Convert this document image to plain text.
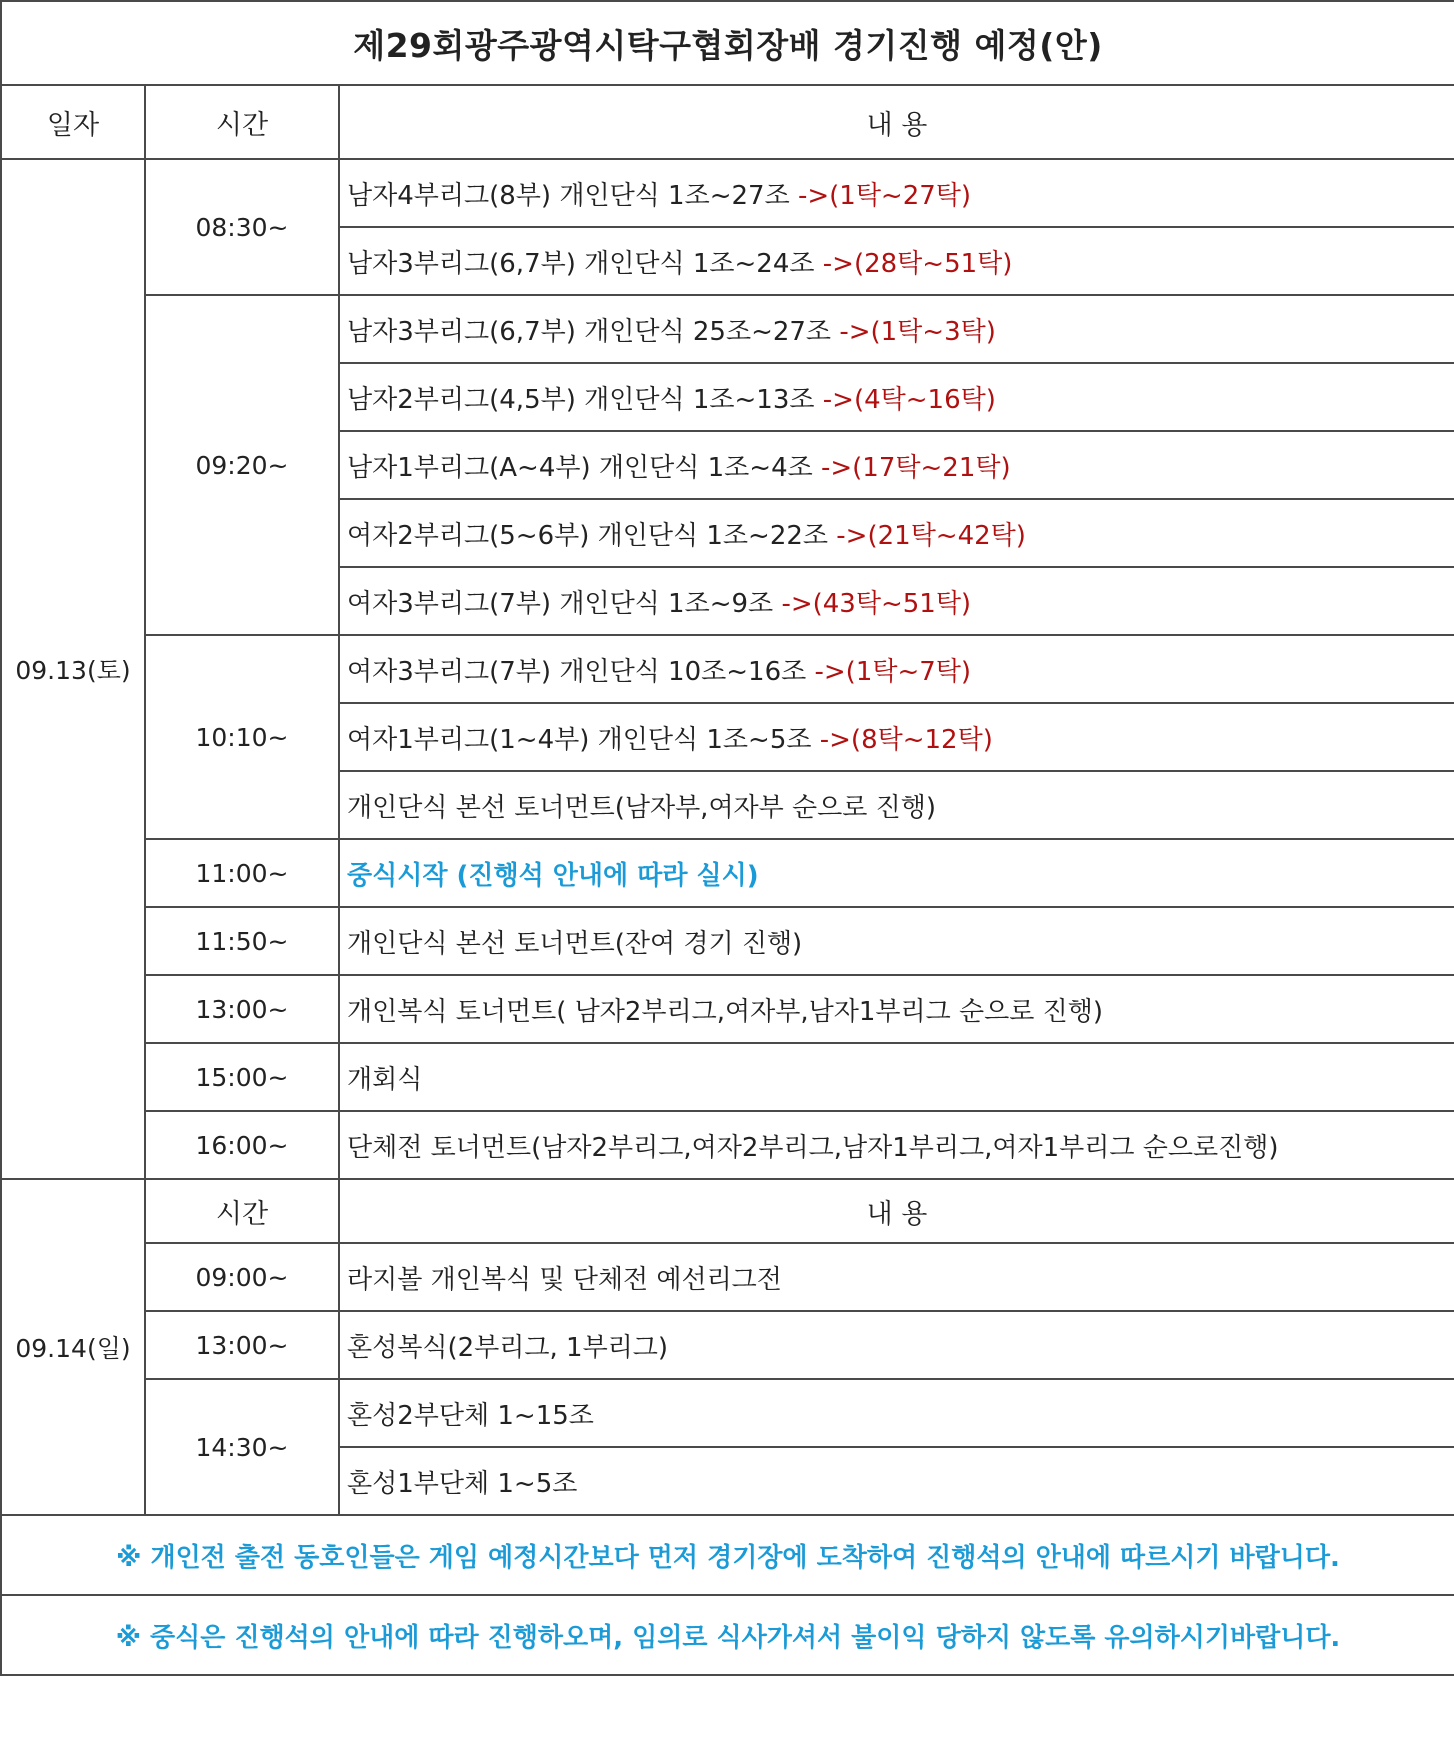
제29회광주광역시탁구협회장배 경기진행 예정(안)		
일자	시간	내 용
09.13(토)	08:30~	남자4부리그(8부) 개인단식 1조~27조 ->(1탁~27탁)
		남자3부리그(6,7부) 개인단식 1조~24조 ->(28탁~51탁)
	09:20~	남자3부리그(6,7부) 개인단식 25조~27조 ->(1탁~3탁)
		남자2부리그(4,5부) 개인단식 1조~13조 ->(4탁~16탁)
		남자1부리그(A~4부) 개인단식 1조~4조 ->(17탁~21탁)
		여자2부리그(5~6부) 개인단식 1조~22조 ->(21탁~42탁)
		여자3부리그(7부) 개인단식 1조~9조 ->(43탁~51탁)
	10:10~	여자3부리그(7부) 개인단식 10조~16조 ->(1탁~7탁)
		여자1부리그(1~4부) 개인단식 1조~5조 ->(8탁~12탁)
		개인단식 본선 토너먼트(남자부,여자부 순으로 진행)
	11:00~	중식시작 (진행석 안내에 따라 실시)
	11:50~	개인단식 본선 토너먼트(잔여 경기 진행)
	13:00~	개인복식 토너먼트( 남자2부리그,여자부,남자1부리그 순으로 진행)
	15:00~	개회식
	16:00~	단체전 토너먼트(남자2부리그,여자2부리그,남자1부리그,여자1부리그 순으로진행)
09.14(일)	시간	내 용
	09:00~	라지볼 개인복식 및 단체전 예선리그전
	13:00~	혼성복식(2부리그, 1부리그)
	14:30~	혼성2부단체 1~15조
		혼성1부단체 1~5조
※ 개인전 출전 동호인들은 게임 예정시간보다 먼저 경기장에 도착하여 진행석의 안내에 따르시기 바랍니다.		
※ 중식은 진행석의 안내에 따라 진행하오며, 임의로 식사가셔서 불이익 당하지 않도록 유의하시기바랍니다.		
